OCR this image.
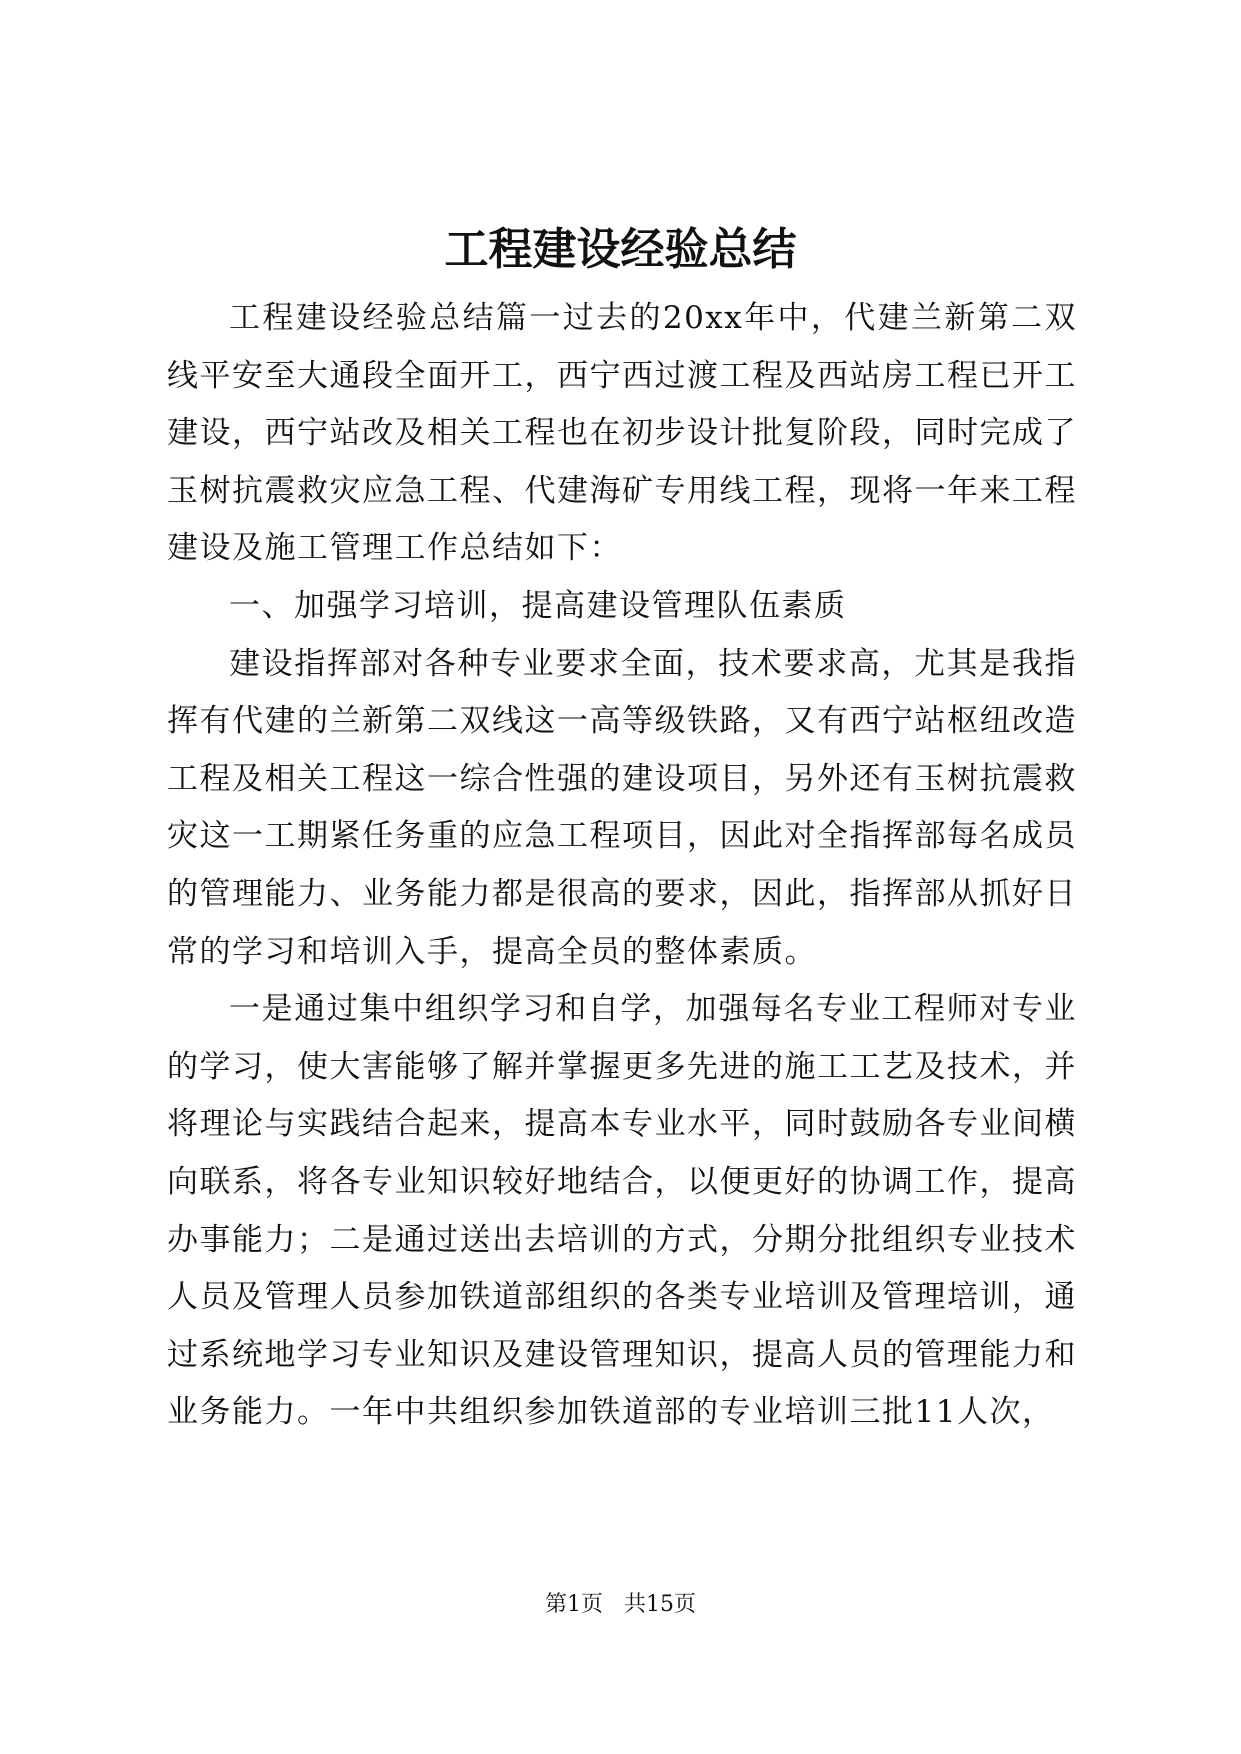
工程建设经验总结

工程建设经验总结篇一过去的20xx年中，代建兰新第二双线平安至大通段全面开工，西宁西过渡工程及西站房工程已开工建设，西宁站改及相关工程也在初步设计批复阶段，同时完成了玉树抗震救灾应急工程、代建海矿专用线工程，现将一年来工程建设及施工管理工作总结如下：

一、加强学习培训，提高建设管理队伍素质

建设指挥部对各种专业要求全面，技术要求高，尤其是我指挥有代建的兰新第二双线这一高等级铁路，又有西宁站枢纽改造工程及相关工程这一综合性强的建设项目，另外还有玉树抗震救灾这一工期紧任务重的应急工程项目，因此对全指挥部每名成员的管理能力、业务能力都是很高的要求，因此，指挥部从抓好日常的学习和培训入手，提高全员的整体素质。

一是通过集中组织学习和自学，加强每名专业工程师对专业的学习，使大害能够了解并掌握更多先进的施工工艺及技术，并将理论与实践结合起来，提高本专业水平，同时鼓励各专业间横向联系，将各专业知识较好地结合，以便更好的协调工作，提高办事能力；二是通过送出去培训的方式，分期分批组织专业技术人员及管理人员参加铁道部组织的各类专业培训及管理培训，通过系统地学习专业知识及建设管理知识，提高人员的管理能力和业务能力。一年中共组织参加铁道部的专业培训三批11人次，

第1页 共15页
